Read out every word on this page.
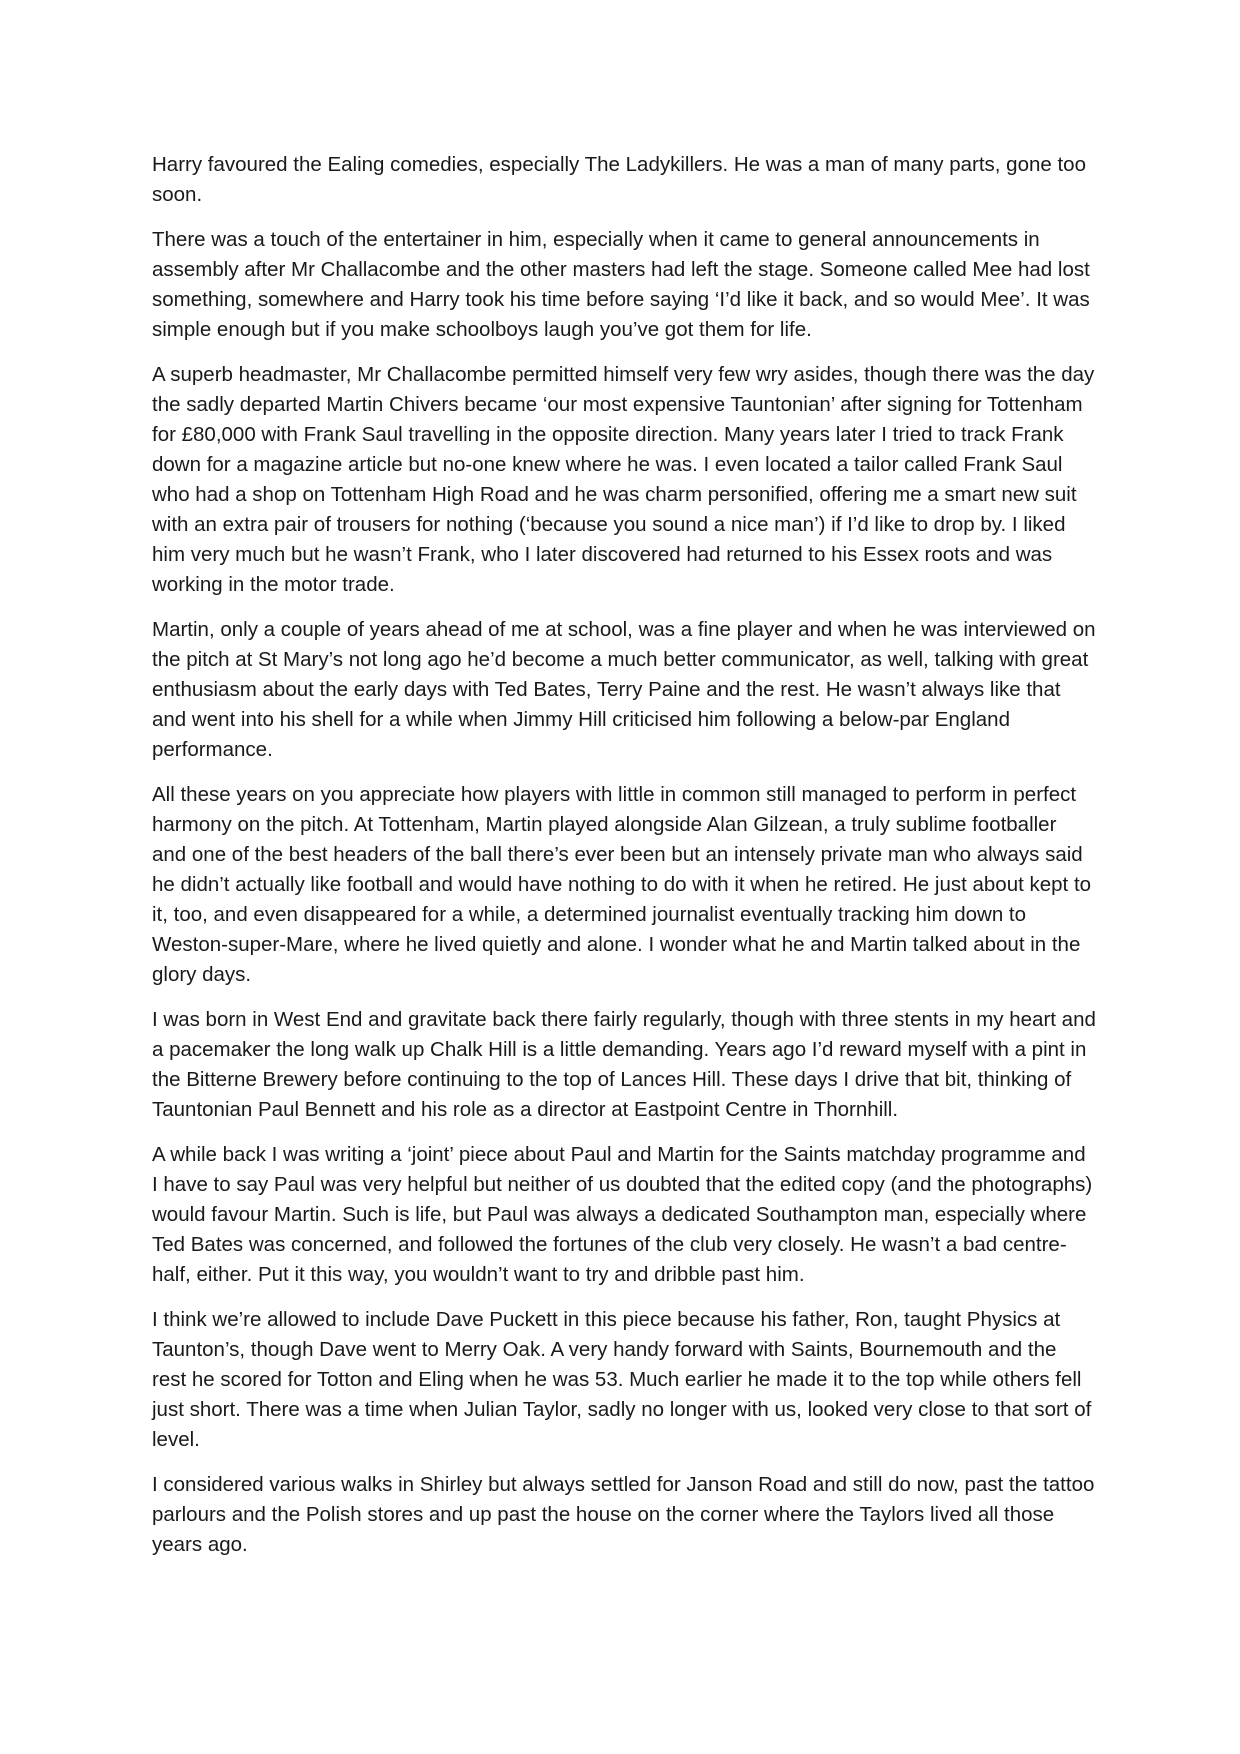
Harry favoured the Ealing comedies, especially The Ladykillers. He was a man of many parts, gone too soon.

There was a touch of the entertainer in him, especially when it came to general announcements in assembly after Mr Challacombe and the other masters had left the stage. Someone called Mee had lost something, somewhere and Harry took his time before saying ‘I’d like it back, and so would Mee’. It was simple enough but if you make schoolboys laugh you’ve got them for life.

A superb headmaster, Mr Challacombe permitted himself very few wry asides, though there was the day the sadly departed Martin Chivers became ‘our most expensive Tauntonian’ after signing for Tottenham for £80,000 with Frank Saul travelling in the opposite direction. Many years later I tried to track Frank down for a magazine article but no-one knew where he was. I even located a tailor called Frank Saul who had a shop on Tottenham High Road and he was charm personified, offering me a smart new suit with an extra pair of trousers for nothing (‘because you sound a nice man’) if I’d like to drop by. I liked him very much but he wasn’t Frank, who I later discovered had returned to his Essex roots and was working in the motor trade.

Martin, only a couple of years ahead of me at school, was a fine player and when he was interviewed on the pitch at St Mary’s not long ago he’d become a much better communicator, as well, talking with great enthusiasm about the early days with Ted Bates, Terry Paine and the rest. He wasn’t always like that and went into his shell for a while when Jimmy Hill criticised him following a below-par England performance.

All these years on you appreciate how players with little in common still managed to perform in perfect harmony on the pitch. At Tottenham, Martin played alongside Alan Gilzean, a truly sublime footballer and one of the best headers of the ball there’s ever been but an intensely private man who always said he didn’t actually like football and would have nothing to do with it when he retired. He just about kept to it, too, and even disappeared for a while, a determined journalist eventually tracking him down to Weston-super-Mare, where he lived quietly and alone. I wonder what he and Martin talked about in the glory days.

I was born in West End and gravitate back there fairly regularly, though with three stents in my heart and a pacemaker the long walk up Chalk Hill is a little demanding. Years ago I’d reward myself with a pint in the Bitterne Brewery before continuing to the top of Lances Hill. These days I drive that bit, thinking of Tauntonian Paul Bennett and his role as a director at Eastpoint Centre in Thornhill.

A while back I was writing a ‘joint’ piece about Paul and Martin for the Saints matchday programme and I have to say Paul was very helpful but neither of us doubted that the edited copy (and the photographs) would favour Martin. Such is life, but Paul was always a dedicated Southampton man, especially where Ted Bates was concerned, and followed the fortunes of the club very closely. He wasn’t a bad centre-half, either. Put it this way, you wouldn’t want to try and dribble past him.

I think we’re allowed to include Dave Puckett in this piece because his father, Ron, taught Physics at Taunton’s, though Dave went to Merry Oak. A very handy forward with Saints, Bournemouth and the rest he scored for Totton and Eling when he was 53. Much earlier he made it to the top while others fell just short. There was a time when Julian Taylor, sadly no longer with us, looked very close to that sort of level.

I considered various walks in Shirley but always settled for Janson Road and still do now, past the tattoo parlours and the Polish stores and up past the house on the corner where the Taylors lived all those years ago.
